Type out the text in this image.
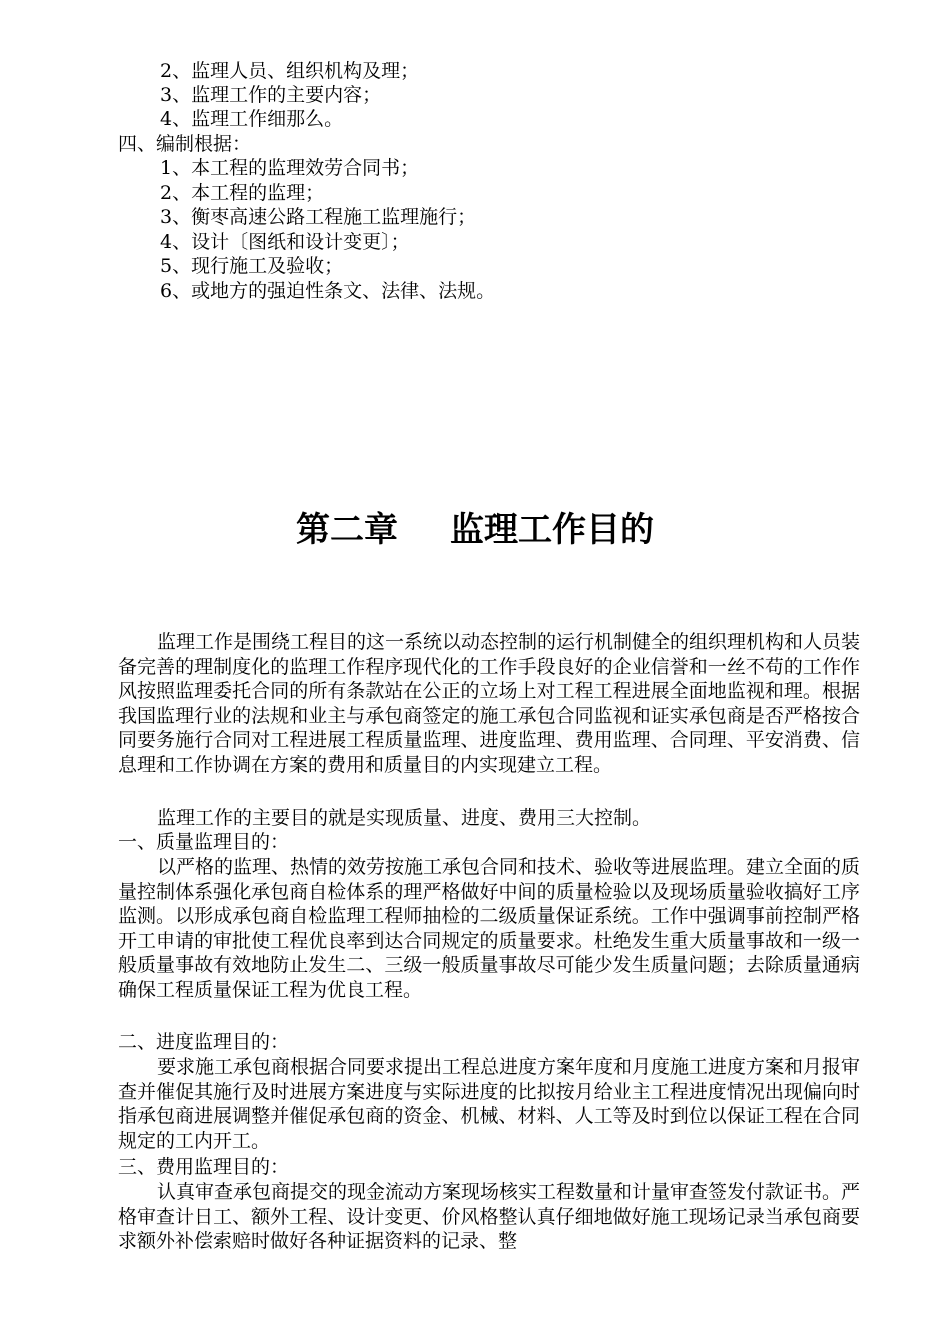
2、监理人员、组织机构及理；
3、监理工作的主要内容；
4、监理工作细那么。
四、编制根据：
1、本工程的监理效劳合同书；
2、本工程的监理；
3、衡枣高速公路工程施工监理施行；
4、设计〔图纸和设计变更〕；
5、现行施工及验收；
6、或地方的强迫性条文、法律、法规。
第二章 监理工作目的

监理工作是围绕工程目的这一系统以动态控制的运行机制健全的组织理机构和人员装备完善的理制度化的监理工作程序现代化的工作手段良好的企业信誉和一丝不苟的工作作风按照监理委托合同的所有条款站在公正的立场上对工程工程进展全面地监视和理。根据我国监理行业的法规和业主与承包商签定的施工承包合同监视和证实承包商是否严格按合同要务施行合同对工程进展工程质量监理、进度监理、费用监理、合同理、平安消费、信息理和工作协调在方案的费用和质量目的内实现建立工程。

监理工作的主要目的就是实现质量、进度、费用三大控制。

一、质量监理目的：

以严格的监理、热情的效劳按施工承包合同和技术、验收等进展监理。建立全面的质量控制体系强化承包商自检体系的理严格做好中间的质量检验以及现场质量验收搞好工序监测。以形成承包商自检监理工程师抽检的二级质量保证系统。工作中强调事前控制严格开工申请的审批使工程优良率到达合同规定的质量要求。杜绝发生重大质量事故和一级一般质量事故有效地防止发生二、三级一般质量事故尽可能少发生质量问题；去除质量通病确保工程质量保证工程为优良工程。

二、进度监理目的：

要求施工承包商根据合同要求提出工程总进度方案年度和月度施工进度方案和月报审查并催促其施行及时进展方案进度与实际进度的比拟按月给业主工程进度情况出现偏向时指承包商进展调整并催促承包商的资金、机械、材料、人工等及时到位以保证工程在合同规定的工内开工。

三、费用监理目的：

认真审查承包商提交的现金流动方案现场核实工程数量和计量审查签发付款证书。严格审查计日工、额外工程、设计变更、价风格整认真仔细地做好施工现场记录当承包商要求额外补偿索赔时做好各种证据资料的记录、整
